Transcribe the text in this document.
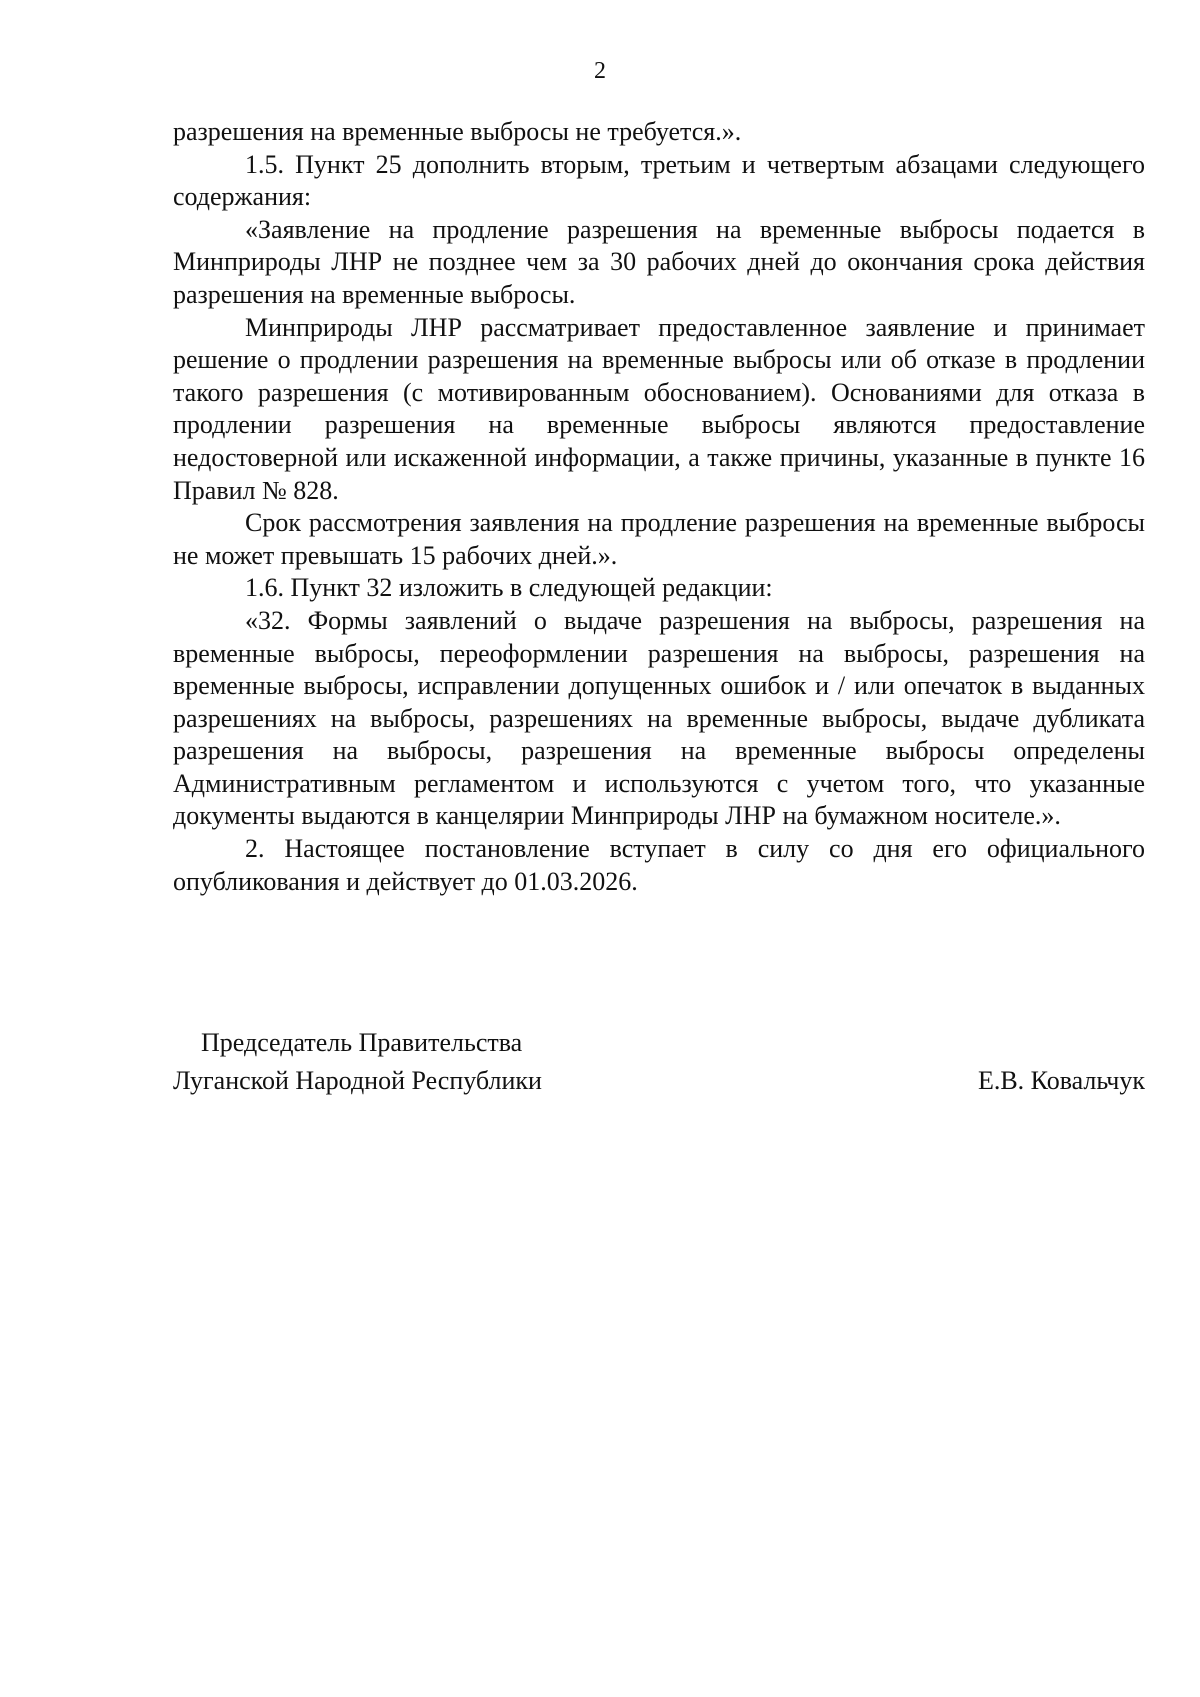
2

разрешения на временные выбросы не требуется.».

1.5. Пункт 25 дополнить вторым, третьим и четвертым абзацами следующего содержания:

«Заявление на продление разрешения на временные выбросы подается в Минприроды ЛНР не позднее чем за 30 рабочих дней до окончания срока действия разрешения на временные выбросы.

Минприроды ЛНР рассматривает предоставленное заявление и принимает решение о продлении разрешения на временные выбросы или об отказе в продлении такого разрешения (с мотивированным обоснованием). Основаниями для отказа в продлении разрешения на временные выбросы являются предоставление недостоверной или искаженной информации, а также причины, указанные в пункте 16 Правил № 828.

Срок рассмотрения заявления на продление разрешения на временные выбросы не может превышать 15 рабочих дней.».

1.6. Пункт 32 изложить в следующей редакции:

«32. Формы заявлений о выдаче разрешения на выбросы, разрешения на временные выбросы, переоформлении разрешения на выбросы, разрешения на временные выбросы, исправлении допущенных ошибок и / или опечаток в выданных разрешениях на выбросы, разрешениях на временные выбросы, выдаче дубликата разрешения на выбросы, разрешения на временные выбросы определены Административным регламентом и используются с учетом того, что указанные документы выдаются в канцелярии Минприроды ЛНР на бумажном носителе.».

2. Настоящее постановление вступает в силу со дня его официального опубликования и действует до 01.03.2026.

Председатель Правительства
Луганской Народной Республики	Е.В. Ковальчук
